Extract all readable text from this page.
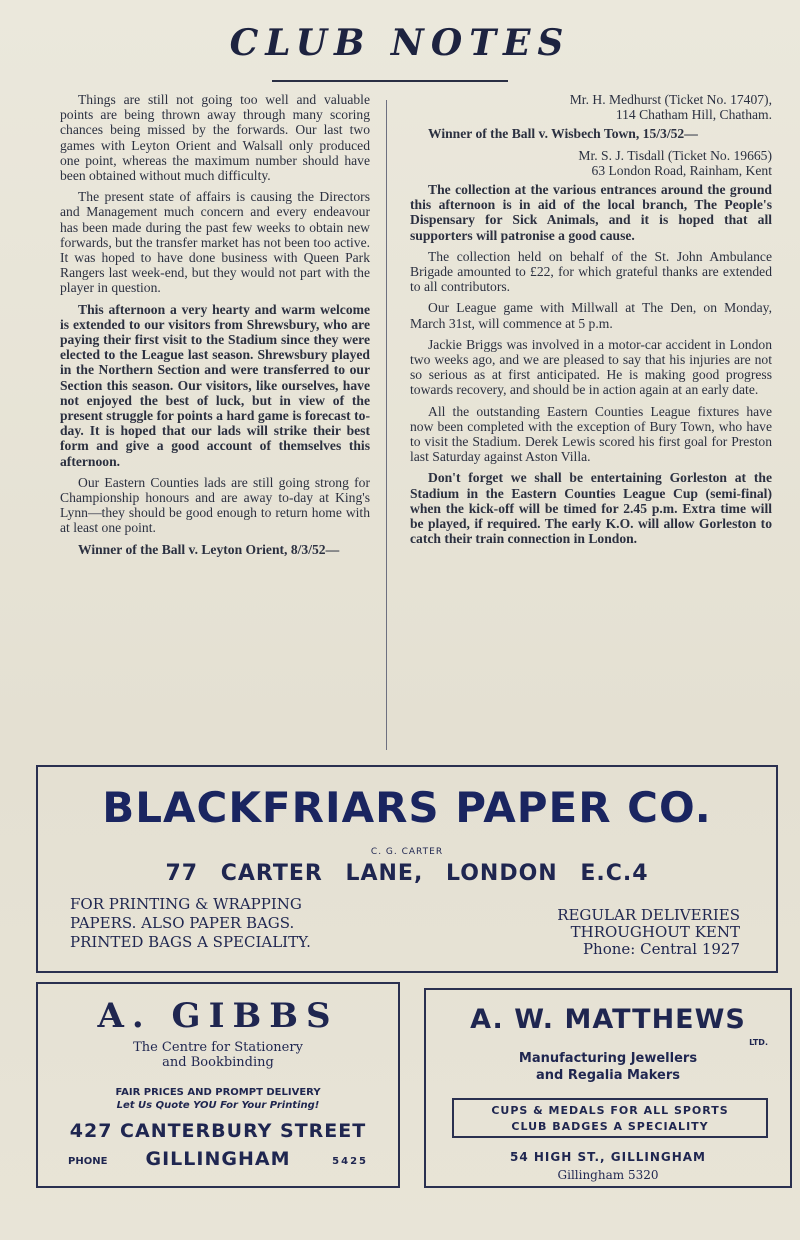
CLUB NOTES

Things are still not going too well and valuable points are being thrown away through many scoring chances being missed by the forwards. Our last two games with Leyton Orient and Walsall only produced one point, whereas the maximum number should have been obtained without much difficulty.

The present state of affairs is causing the Directors and Management much concern and every endeavour has been made during the past few weeks to obtain new forwards, but the transfer market has not been too active. It was hoped to have done business with Queen Park Rangers last week-end, but they would not part with the player in question.

This afternoon a very hearty and warm welcome is extended to our visitors from Shrewsbury, who are paying their first visit to the Stadium since they were elected to the League last season. Shrewsbury played in the Northern Section and were transferred to our Section this season. Our visitors, like ourselves, have not enjoyed the best of luck, but in view of the present struggle for points a hard game is forecast to-day. It is hoped that our lads will strike their best form and give a good account of themselves this afternoon.

Our Eastern Counties lads are still going strong for Championship honours and are away to-day at King's Lynn—they should be good enough to return home with at least one point.

Winner of the Ball v. Leyton Orient, 8/3/52—

Mr. H. Medhurst (Ticket No. 17407),

114 Chatham Hill, Chatham.

Winner of the Ball v. Wisbech Town, 15/3/52—

Mr. S. J. Tisdall (Ticket No. 19665)

63 London Road, Rainham, Kent

The collection at the various entrances around the ground this afternoon is in aid of the local branch, The People's Dispensary for Sick Animals, and it is hoped that all supporters will patronise a good cause.

The collection held on behalf of the St. John Ambulance Brigade amounted to £22, for which grateful thanks are extended to all contributors.

Our League game with Millwall at The Den, on Monday, March 31st, will commence at 5 p.m.

Jackie Briggs was involved in a motor-car accident in London two weeks ago, and we are pleased to say that his injuries are not so serious as at first anticipated. He is making good progress towards recovery, and should be in action again at an early date.

All the outstanding Eastern Counties League fixtures have now been completed with the exception of Bury Town, who have to visit the Stadium. Derek Lewis scored his first goal for Preston last Saturday against Aston Villa.

Don't forget we shall be entertaining Gorleston at the Stadium in the Eastern Counties League Cup (semi-final) when the kick-off will be timed for 2.45 p.m. Extra time will be played, if required. The early K.O. will allow Gorleston to catch their train connection in London.

BLACKFRIARS PAPER CO.
C. G. CARTER
77 CARTER LANE, LONDON E.C.4
FOR PRINTING & WRAPPING
PAPERS. ALSO PAPER BAGS.
PRINTED BAGS A SPECIALITY.
REGULAR DELIVERIES
THROUGHOUT KENT
Phone: Central 1927
A. GIBBS
The Centre for Stationery
and Bookbinding
FAIR PRICES AND PROMPT DELIVERY
Let Us Quote YOU For Your Printing!
427 CANTERBURY STREET
PHONE	GILLINGHAM	5425
A. W. MATTHEWS
LTD.
Manufacturing Jewellers
and Regalia Makers
CUPS & MEDALS FOR ALL SPORTS
CLUB BADGES A SPECIALITY
54 HIGH ST., GILLINGHAM
Gillingham 5320
